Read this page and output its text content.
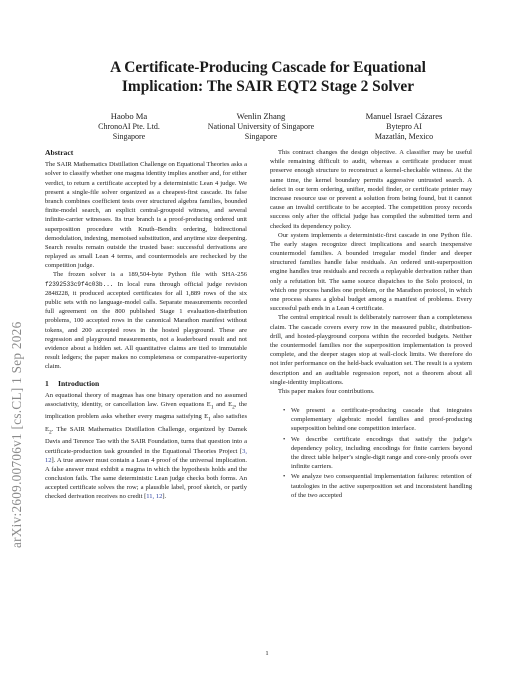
arXiv:2609.00706v1 [cs.CL] 1 Sep 2026
A Certificate-Producing Cascade for Equational
Implication: The SAIR EQT2 Stage 2 Solver
Haobo Ma
ChronoAI Pte. Ltd.
Singapore
Wenlin Zhang
National University of Singapore
Singapore
Manuel Israel Cázares
Bytepro AI
Mazatlán, Mexico
Abstract

The SAIR Mathematics Distillation Challenge on Equational Theories asks a solver to classify whether one magma identity implies another and, for either verdict, to return a certificate accepted by a deterministic Lean 4 judge. We present a single-file solver organized as a cheapest-first cascade. Its false branch combines coefficient tests over structured algebra families, bounded finite-model search, an explicit central-groupoid witness, and several infinite-carrier witnesses. Its true branch is a proof-producing ordered unit superposition procedure with Knuth–Bendix ordering, bidirectional demodulation, indexing, memoised substitution, and anytime size deepening. Search results remain outside the trusted base: successful derivations are replayed as small Lean 4 terms, and countermodels are rechecked by the competition judge.

The frozen solver is a 189,504-byte Python file with SHA-256 f2392533c9f4c03b... In local runs through official judge revision 2848228, it produced accepted certificates for all 1,889 rows of the six public sets with no language-model calls. Separate measurements recorded full agreement on the 800 published Stage 1 evaluation-distribution problems, 100 accepted rows in the canonical Marathon manifest without tokens, and 200 accepted rows in the hosted playground. These are regression and playground measurements, not a leaderboard result and not evidence about a hidden set. All quantitative claims are tied to immutable result ledgers; the paper makes no completeness or comparative-superiority claim.

1 Introduction

An equational theory of magmas has one binary operation and no assumed associativity, identity, or cancellation law. Given equations $E_1$ and $E_2$, the implication problem asks whether every magma satisfying $E_1$ also satisfies $E_2$. The SAIR Mathematics Distillation Challenge, organized by Damek Davis and Terence Tao with the SAIR Foundation, turns that question into a certificate-production task grounded in the Equational Theories Project [3, 12]. A true answer must contain a Lean 4 proof of the universal implication. A false answer must exhibit a magma in which the hypothesis holds and the conclusion fails. The same deterministic Lean judge checks both forms. An accepted certificate solves the row; a plausible label, proof sketch, or partly checked derivation receives no credit [11, 12].

This contract changes the design objective. A classifier may be useful while remaining difficult to audit, whereas a certificate producer must preserve enough structure to reconstruct a kernel-checkable witness. At the same time, the kernel boundary permits aggressive untrusted search. A defect in our term ordering, unifier, model finder, or certificate printer may increase resource use or prevent a solution from being found, but it cannot cause an invalid certificate to be accepted. The competition proxy records success only after the official judge has compiled the submitted term and checked its dependency policy.

Our system implements a deterministic-first cascade in one Python file. The early stages recognize direct implications and search inexpensive countermodel families. A bounded irregular model finder and deeper structured families handle false residuals. An ordered unit-superposition engine handles true residuals and records a replayable derivation rather than only a refutation bit. The same source dispatches to the Solo protocol, in which one process handles one problem, or the Marathon protocol, in which one process shares a global budget among a manifest of problems. Every successful path ends in a Lean 4 certificate.

The central empirical result is deliberately narrower than a completeness claim. The cascade covers every row in the measured public, distribution-drill, and hosted-playground corpora within the recorded budgets. Neither the countermodel families nor the superposition implementation is proved complete, and the deeper stages stop at wall-clock limits. We therefore do not infer performance on the held-back evaluation set. The result is a system description and an auditable regression report, not a theorem about all single-identity implications.

This paper makes four contributions.

• We present a certificate-producing cascade that integrates complementary algebraic model families and proof-producing superposition behind one competition interface.
• We describe certificate encodings that satisfy the judge’s dependency policy, including encodings for finite carriers beyond the direct table helper’s single-digit range and core-only proofs over infinite carriers.
• We analyze two consequential implementation failures: retention of tautologies in the active superposition set and inconsistent handling of the two accepted
1
